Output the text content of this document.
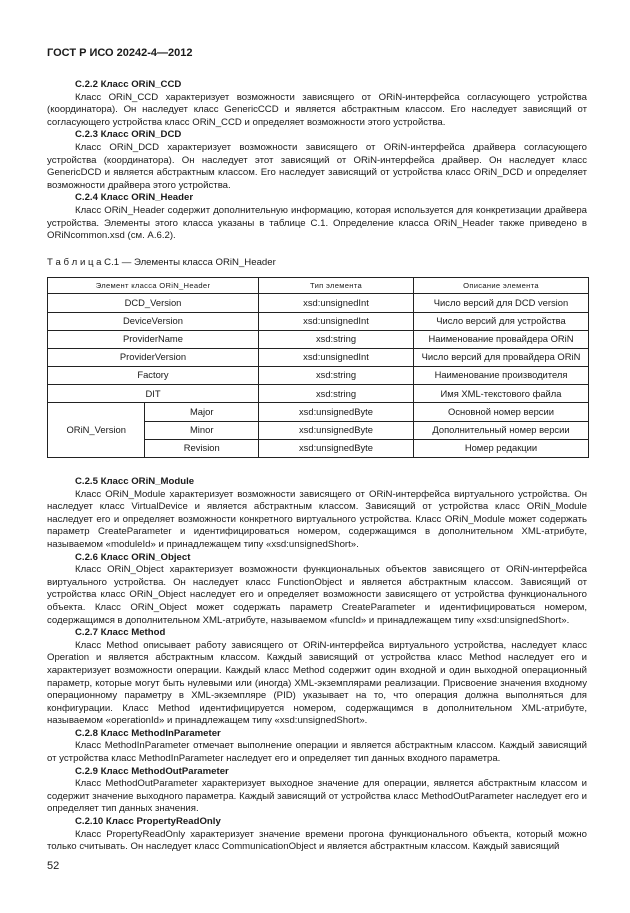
ГОСТ Р ИСО 20242-4—2012
С.2.2 Класс ORiN_CCD

Класс ORiN_CCD характеризует возможности зависящего от ORiN-интерфейса согласующего устройства (координатора). Он наследует класс GenericCCD и является абстрактным классом. Его наследует зависящий от согласующего устройства класс ORiN_CCD и определяет возможности этого устройства.

С.2.3 Класс ORiN_DCD

Класс ORiN_DCD характеризует возможности зависящего от ORiN-интерфейса драйвера согласующего устройства (координатора). Он наследует этот зависящий от ORiN-интерфейса драйвер. Он наследует класс GenericDCD и является абстрактным классом. Его наследует зависящий от устройства класс ORiN_DCD и определяет возможности драйвера этого устройства.

С.2.4 Класс ORiN_Header

Класс ORiN_Header содержит дополнительную информацию, которая используется для конкретизации драйвера устройства. Элементы этого класса указаны в таблице С.1. Определение класса ORiN_Header также приведено в ORiNcommon.xsd (см. А.6.2).

Т а б л и ц а С.1 — Элементы класса ORiN_Header
Элемент класса ORiN_Header		Тип элемента	Описание элемента
DCD_Version		xsd:unsignedInt	Число версий для DCD version
DeviceVersion		xsd:unsignedInt	Число версий для устройства
ProviderName		xsd:string	Наименование провайдера ORiN
ProviderVersion		xsd:unsignedInt	Число версий для провайдера ORiN
Factory		xsd:string	Наименование производителя
DIT		xsd:string	Имя XML-текстового файла
ORiN_Version	Major	xsd:unsignedByte	Основной номер версии
	Minor	xsd:unsignedByte	Дополнительный номер версии
	Revision	xsd:unsignedByte	Номер редакции
С.2.5 Класс ORiN_Module

Класс ORiN_Module характеризует возможности зависящего от ORiN-интерфейса виртуального устройства. Он наследует класс VirtualDevice и является абстрактным классом. Зависящий от устройства класс ORiN_Module наследует его и определяет возможности конкретного виртуального устройства. Класс ORiN_Module может содержать параметр CreateParameter и идентифицироваться номером, содержащимся в дополнительном XML-атрибуте, называемом «moduleId» и принадлежащем типу «xsd:unsignedShort».

С.2.6 Класс ORiN_Object

Класс ORiN_Object характеризует возможности функциональных объектов зависящего от ORiN-интерфейса виртуального устройства. Он наследует класс FunctionObject и является абстрактным классом. Зависящий от устройства класс ORiN_Object наследует его и определяет возможности зависящего от устройства функционального объекта. Класс ORiN_Object может содержать параметр CreateParameter и идентифицироваться номером, содержащимся в дополнительном XML-атрибуте, называемом «funcId» и принадлежащем типу «xsd:unsignedShort».

С.2.7 Класс Method

Класс Method описывает работу зависящего от ORiN-интерфейса виртуального устройства, наследует класс Operation и является абстрактным классом. Каждый зависящий от устройства класс Method наследует его и характеризует возможности операции. Каждый класс Method содержит один входной и один выходной операционный параметр, которые могут быть нулевыми или (иногда) XML-экземплярами реализации. Присвоение значения входному операционному параметру в XML-экземпляре (PID) указывает на то, что операция должна выполняться для конфигурации. Класс Method идентифицируется номером, содержащимся в дополнительном XML-атрибуте, называемом «operationId» и принадлежащем типу «xsd:unsignedShort».

С.2.8 Класс MethodInParameter

Класс MethodInParameter отмечает выполнение операции и является абстрактным классом. Каждый зависящий от устройства класс MethodInParameter наследует его и определяет тип данных входного параметра.

С.2.9 Класс MethodOutParameter

Класс MethodOutParameter характеризует выходное значение для операции, является абстрактным классом и содержит значение выходного параметра. Каждый зависящий от устройства класс MethodOutParameter наследует его и определяет тип данных значения.

С.2.10 Класс PropertyReadOnly

Класс PropertyReadOnly характеризует значение времени прогона функционального объекта, который можно только считывать. Он наследует класс CommunicationObject и является абстрактным классом. Каждый зависящий

52
